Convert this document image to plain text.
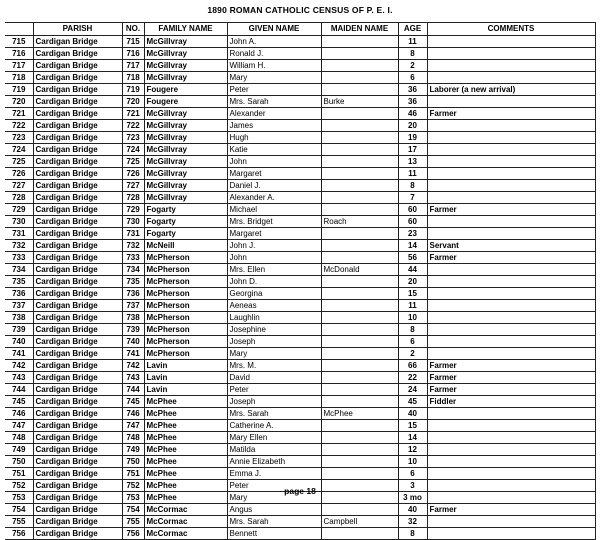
1890 ROMAN CATHOLIC CENSUS OF P. E. I.
	PARISH	NO.	FAMILY NAME	GIVEN NAME	MAIDEN NAME	AGE	COMMENTS
715	Cardigan Bridge	715	McGillvray	John A.		11	
716	Cardigan Bridge	716	McGillvray	Ronald J.		8	
717	Cardigan Bridge	717	McGillvray	William H.		2	
718	Cardigan Bridge	718	McGillvray	Mary		6	
719	Cardigan Bridge	719	Fougere	Peter		36	Laborer (a new arrival)
720	Cardigan Bridge	720	Fougere	Mrs. Sarah	Burke	36	
721	Cardigan Bridge	721	McGillvray	Alexander		46	Farmer
722	Cardigan Bridge	722	McGillvray	James		20	
723	Cardigan Bridge	723	McGillvray	Hugh		19	
724	Cardigan Bridge	724	McGillvray	Katie		17	
725	Cardigan Bridge	725	McGillvray	John		13	
726	Cardigan Bridge	726	McGillvray	Margaret		11	
727	Cardigan Bridge	727	McGillvray	Daniel J.		8	
728	Cardigan Bridge	728	McGillvray	Alexander A.		7	
729	Cardigan Bridge	729	Fogarty	Michael		60	Farmer
730	Cardigan Bridge	730	Fogarty	Mrs. Bridget	Roach	60	
731	Cardigan Bridge	731	Fogarty	Margaret		23	
732	Cardigan Bridge	732	McNeill	John J.		14	Servant
733	Cardigan Bridge	733	McPherson	John		56	Farmer
734	Cardigan Bridge	734	McPherson	Mrs. Ellen	McDonald	44	
735	Cardigan Bridge	735	McPherson	John D.		20	
736	Cardigan Bridge	736	McPherson	Georgina		15	
737	Cardigan Bridge	737	McPherson	Aeneas		11	
738	Cardigan Bridge	738	McPherson	Laughlin		10	
739	Cardigan Bridge	739	McPherson	Josephine		8	
740	Cardigan Bridge	740	McPherson	Joseph		6	
741	Cardigan Bridge	741	McPherson	Mary		2	
742	Cardigan Bridge	742	Lavin	Mrs. M.		66	Farmer
743	Cardigan Bridge	743	Lavin	David		22	Farmer
744	Cardigan Bridge	744	Lavin	Peter		24	Farmer
745	Cardigan Bridge	745	McPhee	Joseph		45	Fiddler
746	Cardigan Bridge	746	McPhee	Mrs. Sarah	McPhee	40	
747	Cardigan Bridge	747	McPhee	Catherine A.		15	
748	Cardigan Bridge	748	McPhee	Mary Ellen		14	
749	Cardigan Bridge	749	McPhee	Matilda		12	
750	Cardigan Bridge	750	McPhee	Annie Elizabeth		10	
751	Cardigan Bridge	751	McPhee	Emma J.		6	
752	Cardigan Bridge	752	McPhee	Peter		3	
753	Cardigan Bridge	753	McPhee	Mary		3 mo	
754	Cardigan Bridge	754	McCormac	Angus		40	Farmer
755	Cardigan Bridge	755	McCormac	Mrs. Sarah	Campbell	32	
756	Cardigan Bridge	756	McCormac	Bennett		8	
page 18
